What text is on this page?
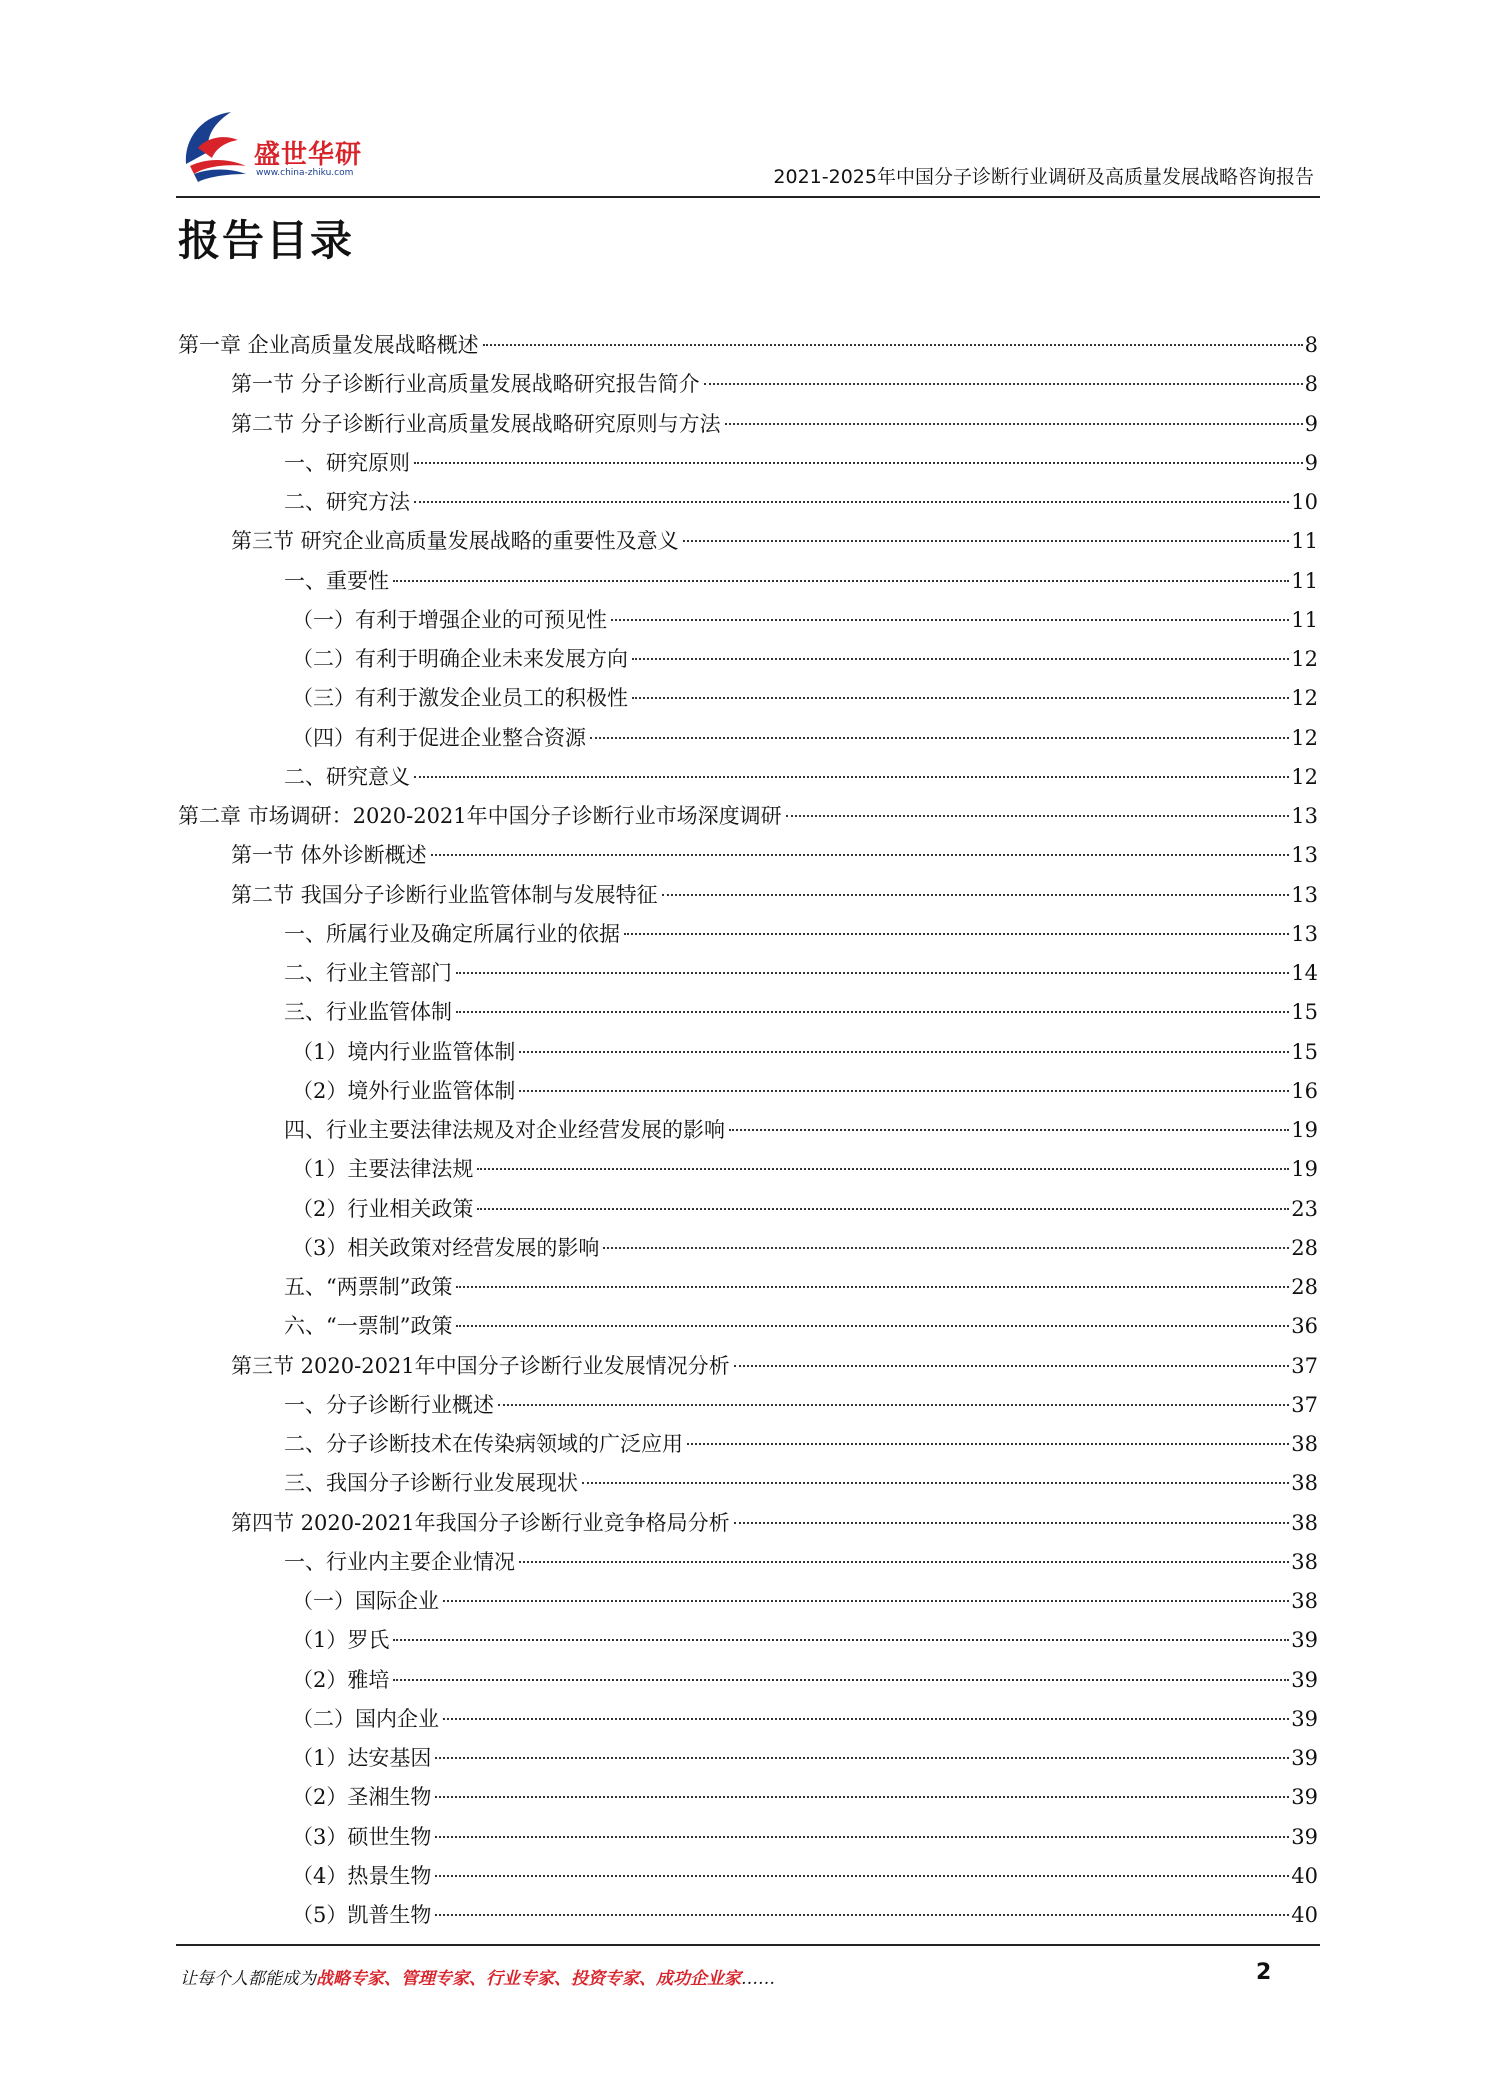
盛世华研
www.china-zhiku.com	2021-2025年中国分子诊断行业调研及高质量发展战略咨询报告
报告目录
第一章 企业高质量发展战略概述	8
第一节 分子诊断行业高质量发展战略研究报告简介	8
第二节 分子诊断行业高质量发展战略研究原则与方法	9
一、研究原则	9
二、研究方法	10
第三节 研究企业高质量发展战略的重要性及意义	11
一、重要性	11
（一）有利于增强企业的可预见性	11
（二）有利于明确企业未来发展方向	12
（三）有利于激发企业员工的积极性	12
（四）有利于促进企业整合资源	12
二、研究意义	12
第二章 市场调研：2020-2021年中国分子诊断行业市场深度调研	13
第一节 体外诊断概述	13
第二节 我国分子诊断行业监管体制与发展特征	13
一、所属行业及确定所属行业的依据	13
二、行业主管部门	14
三、行业监管体制	15
（1）境内行业监管体制	15
（2）境外行业监管体制	16
四、行业主要法律法规及对企业经营发展的影响	19
（1）主要法律法规	19
（2）行业相关政策	23
（3）相关政策对经营发展的影响	28
五、“两票制”政策	28
六、“一票制”政策	36
第三节 2020-2021年中国分子诊断行业发展情况分析	37
一、分子诊断行业概述	37
二、分子诊断技术在传染病领域的广泛应用	38
三、我国分子诊断行业发展现状	38
第四节 2020-2021年我国分子诊断行业竞争格局分析	38
一、行业内主要企业情况	38
（一）国际企业	38
（1）罗氏	39
（2）雅培	39
（二）国内企业	39
（1）达安基因	39
（2）圣湘生物	39
（3）硕世生物	39
（4）热景生物	40
（5）凯普生物	40
让每个人都能成为战略专家、管理专家、行业专家、投资专家、成功企业家……	2
